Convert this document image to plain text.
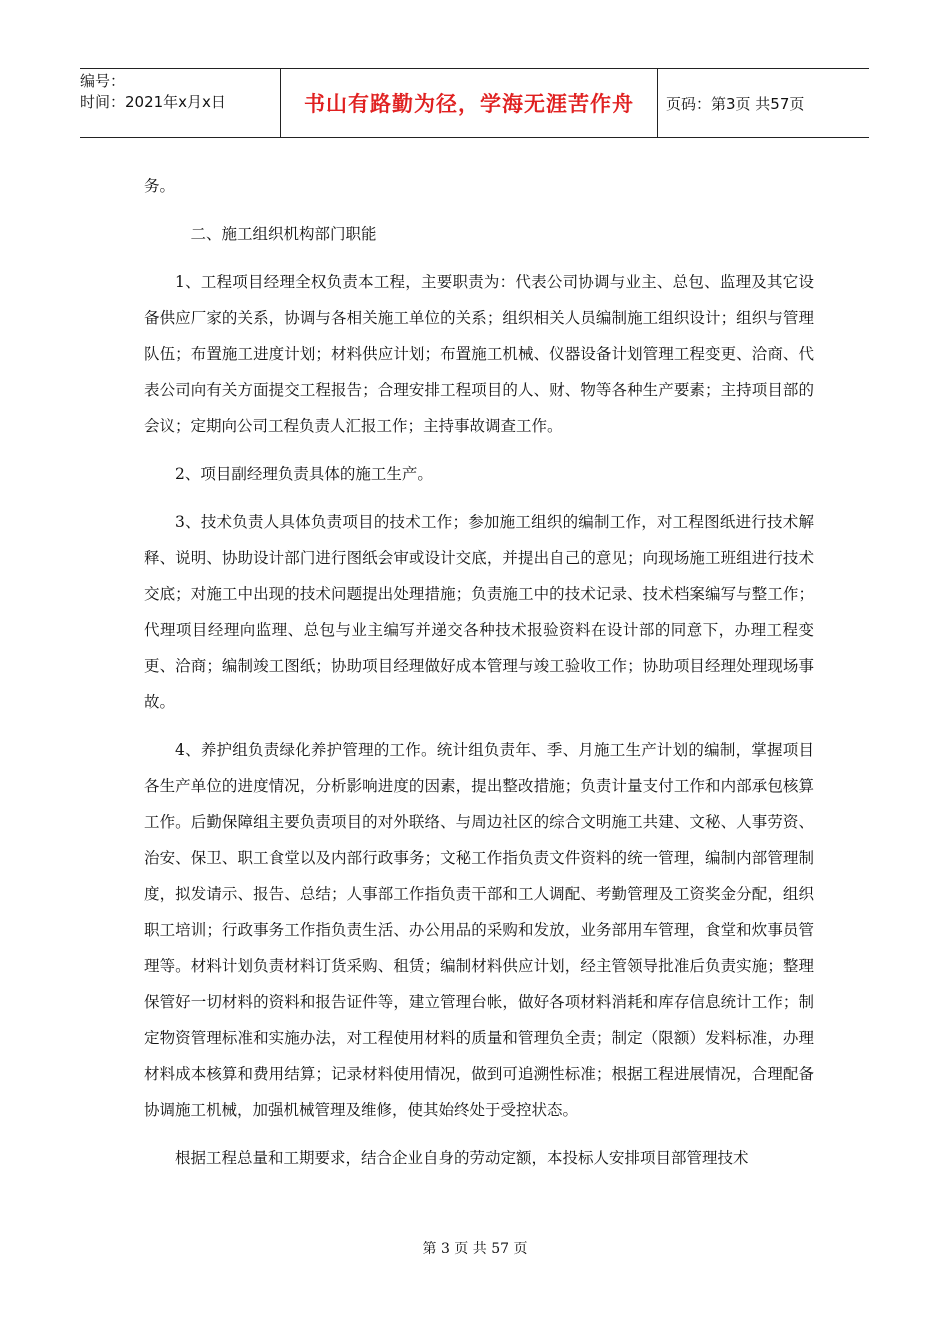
编号：
时间：2021年x月x日	书山有路勤为径，学海无涯苦作舟	页码：第3页 共57页

务。

二、施工组织机构部门职能

1、工程项目经理全权负责本工程，主要职责为：代表公司协调与业主、总包、监理及其它设备供应厂家的关系，协调与各相关施工单位的关系；组织相关人员编制施工组织设计；组织与管理队伍；布置施工进度计划；材料供应计划；布置施工机械、仪器设备计划管理工程变更、洽商、代表公司向有关方面提交工程报告；合理安排工程项目的人、财、物等各种生产要素；主持项目部的会议；定期向公司工程负责人汇报工作；主持事故调查工作。

2、项目副经理负责具体的施工生产。

3、技术负责人具体负责项目的技术工作；参加施工组织的编制工作，对工程图纸进行技术解释、说明、协助设计部门进行图纸会审或设计交底，并提出自己的意见；向现场施工班组进行技术交底；对施工中出现的技术问题提出处理措施；负责施工中的技术记录、技术档案编写与整工作；代理项目经理向监理、总包与业主编写并递交各种技术报验资料在设计部的同意下，办理工程变更、洽商；编制竣工图纸；协助项目经理做好成本管理与竣工验收工作；协助项目经理处理现场事故。

4、养护组负责绿化养护管理的工作。统计组负责年、季、月施工生产计划的编制，掌握项目各生产单位的进度情况，分析影响进度的因素，提出整改措施；负责计量支付工作和内部承包核算工作。后勤保障组主要负责项目的对外联络、与周边社区的综合文明施工共建、文秘、人事劳资、治安、保卫、职工食堂以及内部行政事务；文秘工作指负责文件资料的统一管理，编制内部管理制度，拟发请示、报告、总结；人事部工作指负责干部和工人调配、考勤管理及工资奖金分配，组织职工培训；行政事务工作指负责生活、办公用品的采购和发放，业务部用车管理，食堂和炊事员管理等。材料计划负责材料订货采购、租赁；编制材料供应计划，经主管领导批准后负责实施；整理保管好一切材料的资料和报告证件等，建立管理台帐，做好各项材料消耗和库存信息统计工作；制定物资管理标准和实施办法，对工程使用材料的质量和管理负全责；制定（限额）发料标准，办理材料成本核算和费用结算；记录材料使用情况，做到可追溯性标准；根据工程进展情况，合理配备协调施工机械，加强机械管理及维修，使其始终处于受控状态。

根据工程总量和工期要求，结合企业自身的劳动定额，本投标人安排项目部管理技术

第 3 页 共 57 页
